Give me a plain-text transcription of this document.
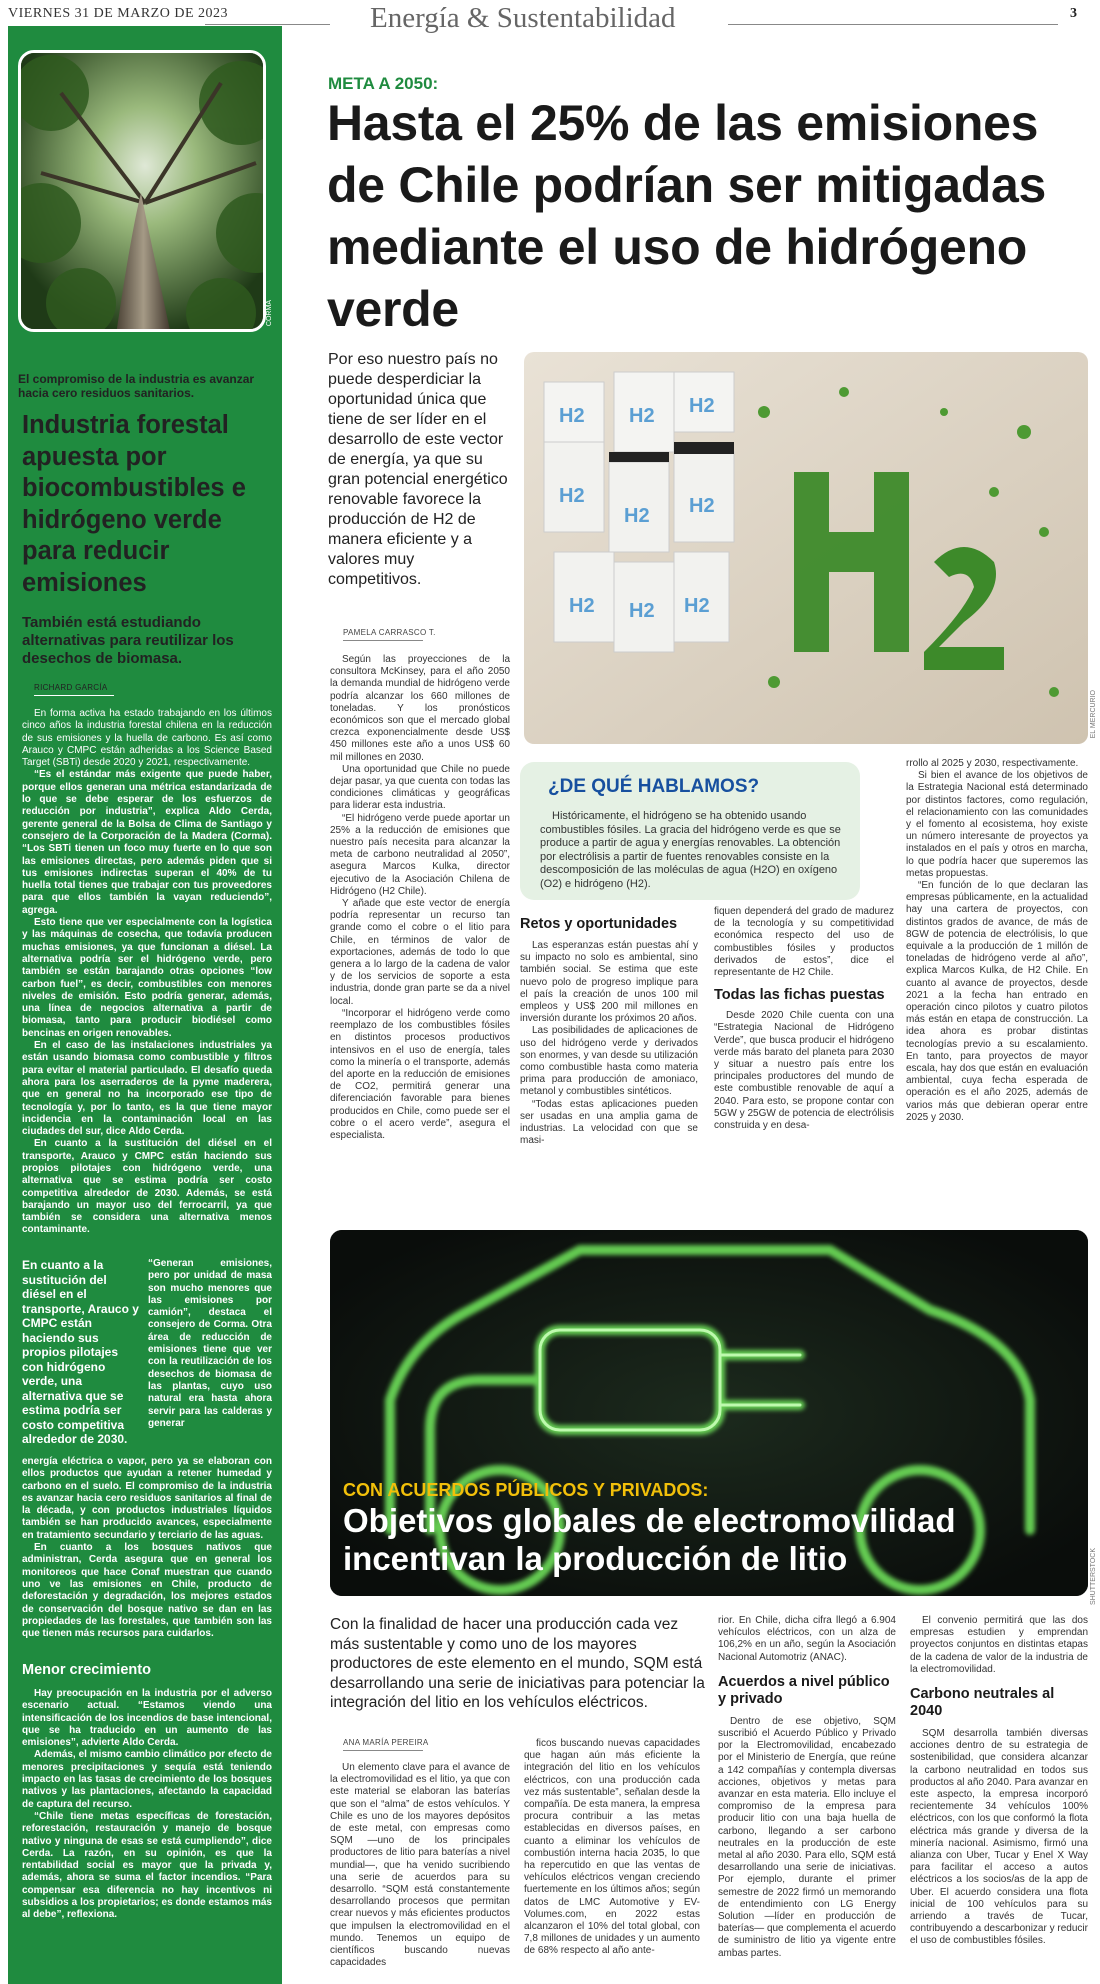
VIERNES 31 DE MARZO DE 2023	Energía & Sustentabilidad	3
CORMA
El compromiso de la industria es avanzar hacia cero residuos sanitarios.
Industria forestal apuesta por biocombustibles e hidrógeno verde para reducir emisiones
También está estudiando alternativas para reutilizar los desechos de biomasa.
RICHARD GARCÍA

En forma activa ha estado trabajando en los últimos cinco años la industria forestal chilena en la reducción de sus emisiones y la huella de carbono. Es así como Arauco y CMPC están adheridas a los Science Based Target (SBTi) desde 2020 y 2021, respectivamente.

“Es el estándar más exigente que puede haber, porque ellos generan una métrica estandarizada de lo que se debe esperar de los esfuerzos de reducción por industria”, explica Aldo Cerda, gerente general de la Bolsa de Clima de Santiago y consejero de la Corporación de la Madera (Corma). “Los SBTi tienen un foco muy fuerte en lo que son las emisiones directas, pero además piden que si tus emisiones indirectas superan el 40% de tu huella total tienes que trabajar con tus proveedores para que ellos también la vayan reduciendo”, agrega.

Esto tiene que ver especialmente con la logística y las máquinas de cosecha, que todavía producen muchas emisiones, ya que funcionan a diésel. La alternativa podría ser el hidrógeno verde, pero también se están barajando otras opciones “low carbon fuel”, es decir, combustibles con menores niveles de emisión. Esto podría generar, además, una línea de negocios alternativa a partir de biomasa, tanto para producir biodiésel como bencinas en origen renovables.

En el caso de las instalaciones industriales ya están usando biomasa como combustible y filtros para evitar el material particulado. El desafío queda ahora para los aserraderos de la pyme maderera, que en general no ha incorporado ese tipo de tecnología y, por lo tanto, es la que tiene mayor incidencia en la contaminación local en las ciudades del sur, dice Aldo Cerda.

En cuanto a la sustitución del diésel en el transporte, Arauco y CMPC están haciendo sus propios pilotajes con hidrógeno verde, una alternativa que se estima podría ser costo competitiva alrededor de 2030. Además, se está barajando un mayor uso del ferrocarril, ya que también se considera una alternativa menos contaminante.

En cuanto a la sustitución del diésel en el transporte, Arauco y CMPC están haciendo sus propios pilotajes con hidrógeno verde, una alternativa que se estima podría ser costo competitiva alrededor de 2030.
“Generan emisiones, pero por unidad de masa son mucho menores que las emisiones por camión”, destaca el consejero de Corma. Otra área de reducción de emisiones tiene que ver con la reutilización de los desechos de biomasa de las plantas, cuyo uso natural era hasta ahora servir para las calderas y generar

energía eléctrica o vapor, pero ya se elaboran con ellos productos que ayudan a retener humedad y carbono en el suelo. El compromiso de la industria es avanzar hacia cero residuos sanitarios al final de la década, y con productos industriales líquidos también se han producido avances, especialmente en tratamiento secundario y terciario de las aguas.

En cuanto a los bosques nativos que administran, Cerda asegura que en general los monitoreos que hace Conaf muestran que cuando uno ve las emisiones en Chile, producto de deforestación y degradación, los mejores estados de conservación del bosque nativo se dan en las propiedades de las forestales, que también son las que tienen más recursos para cuidarlos.

Menor crecimiento

Hay preocupación en la industria por el adverso escenario actual. “Estamos viendo una intensificación de los incendios de base intencional, que se ha traducido en un aumento de las emisiones”, advierte Aldo Cerda.

Además, el mismo cambio climático por efecto de menores precipitaciones y sequía está teniendo impacto en las tasas de crecimiento de los bosques nativos y las plantaciones, afectando la capacidad de captura del recurso.

“Chile tiene metas específicas de forestación, reforestación, restauración y manejo de bosque nativo y ninguna de esas se está cumpliendo”, dice Cerda. La razón, en su opinión, es que la rentabilidad social es mayor que la privada y, además, ahora se suma el factor incendios. “Para compensar esa diferencia no hay incentivos ni subsidios a los propietarios; es donde estamos más al debe”, reflexiona.

META A 2050:
Hasta el 25% de las emisiones de Chile podrían ser mitigadas mediante el uso de hidrógeno verde
Por eso nuestro país no puede desperdiciar la oportunidad única que tiene de ser líder en el desarrollo de este vector de energía, ya que su gran potencial energético renovable favorece la producción de H2 de manera eficiente y a valores muy competitivos.
H2 H2 H2
H2
H2 H2
H2 H2 H2
EL MERCURIO
PAMELA CARRASCO T.

Según las proyecciones de la consultora McKinsey, para el año 2050 la demanda mundial de hidrógeno verde podría alcanzar los 660 millones de toneladas. Y los pronósticos económicos son que el mercado global crezca exponencialmente desde US$ 450 millones este año a unos US$ 60 mil millones en 2030.

Una oportunidad que Chile no puede dejar pasar, ya que cuenta con todas las condiciones climáticas y geográficas para liderar esta industria.

“El hidrógeno verde puede aportar un 25% a la reducción de emisiones que nuestro país necesita para alcanzar la meta de carbono neutralidad al 2050”, asegura Marcos Kulka, director ejecutivo de la Asociación Chilena de Hidrógeno (H2 Chile).

Y añade que este vector de energía podría representar un recurso tan grande como el cobre o el litio para Chile, en términos de valor de exportaciones, además de todo lo que genera a lo largo de la cadena de valor y de los servicios de soporte a esta industria, donde gran parte se da a nivel local.

“Incorporar el hidrógeno verde como reemplazo de los combustibles fósiles en distintos procesos productivos intensivos en el uso de energía, tales como la minería o el transporte, además del aporte en la reducción de emisiones de CO2, permitirá generar una diferenciación favorable para bienes producidos en Chile, como puede ser el cobre o el acero verde”, asegura el especialista.

¿DE QUÉ HABLAMOS?
Históricamente, el hidrógeno se ha obtenido usando combustibles fósiles. La gracia del hidrógeno verde es que se produce a partir de agua y energías renovables. La obtención por electrólisis a partir de fuentes renovables consiste en la descomposición de las moléculas de agua (H2O) en oxígeno (O2) e hidrógeno (H2).
Retos y oportunidades

Las esperanzas están puestas ahí y su impacto no solo es ambiental, sino también social. Se estima que este nuevo polo de progreso implique para el país la creación de unos 100 mil empleos y US$ 200 mil millones en inversión durante los próximos 20 años.

Las posibilidades de aplicaciones de uso del hidrógeno verde y derivados son enormes, y van desde su utilización como combustible hasta como materia prima para producción de amoniaco, metanol y combustibles sintéticos.

“Todas estas aplicaciones pueden ser usadas en una amplia gama de industrias. La velocidad con que se masi-

fiquen dependerá del grado de madurez de la tecnología y su competitividad económica respecto del uso de combustibles fósiles y productos derivados de estos”, dice el representante de H2 Chile.

Todas las fichas puestas

Desde 2020 Chile cuenta con una “Estrategia Nacional de Hidrógeno Verde”, que busca producir el hidrógeno verde más barato del planeta para 2030 y situar a nuestro país entre los principales productores del mundo de este combustible renovable de aquí a 2040. Para esto, se propone contar con 5GW y 25GW de potencia de electrólisis construida y en desa-

rrollo al 2025 y 2030, respectivamente.

Si bien el avance de los objetivos de la Estrategia Nacional está determinado por distintos factores, como regulación, el relacionamiento con las comunidades y el fomento al ecosistema, hoy existe un número interesante de proyectos ya instalados en el país y otros en marcha, lo que podría hacer que superemos las metas propuestas.

“En función de lo que declaran las empresas públicamente, en la actualidad hay una cartera de proyectos, con distintos grados de avance, de más de 8GW de potencia de electrólisis, lo que equivale a la producción de 1 millón de toneladas de hidrógeno verde al año”, explica Marcos Kulka, de H2 Chile. En cuanto al avance de proyectos, desde 2021 a la fecha han entrado en operación cinco pilotos y cuatro pilotos más están en etapa de construcción. La idea ahora es probar distintas tecnologías previo a su escalamiento. En tanto, para proyectos de mayor escala, hay dos que están en evaluación ambiental, cuya fecha esperada de operación es el año 2025, además de varios más que debieran operar entre 2025 y 2030.

SHUTTERSTOCK
CON ACUERDOS PÚBLICOS Y PRIVADOS:
Objetivos globales de electromovilidad incentivan la producción de litio
Con la finalidad de hacer una producción cada vez más sustentable y como uno de los mayores productores de este elemento en el mundo, SQM está desarrollando una serie de iniciativas para potenciar la integración del litio en los vehículos eléctricos.
ANA MARÍA PEREIRA

Un elemento clave para el avance de la electromovilidad es el litio, ya que con este material se elaboran las baterías que son el “alma” de estos vehículos. Y Chile es uno de los mayores depósitos de este metal, con empresas como SQM —uno de los principales productores de litio para baterías a nivel mundial—, que ha venido sucribiendo una serie de acuerdos para su desarrollo. “SQM está constantemente desarrollando procesos que permitan crear nuevos y más eficientes productos que impulsen la electromovilidad en el mundo. Tenemos un equipo de científicos buscando nuevas capacidades

ficos buscando nuevas capacidades que hagan aún más eficiente la integración del litio en los vehículos eléctricos, con una producción cada vez más sustentable”, señalan desde la compañía. De esta manera, la empresa procura contribuir a las metas establecidas en diversos países, en cuanto a eliminar los vehículos de combustión interna hacia 2035, lo que ha repercutido en que las ventas de vehículos eléctricos vengan creciendo fuertemente en los últimos años; según datos de LMC Automotive y EV-Volumes.com, en 2022 estas alcanzaron el 10% del total global, con 7,8 millones de unidades y un aumento de 68% respecto al año ante-

rior. En Chile, dicha cifra llegó a 6.904 vehículos eléctricos, con un alza de 106,2% en un año, según la Asociación Nacional Automotriz (ANAC).

Acuerdos a nivel público y privado

Dentro de ese objetivo, SQM suscribió el Acuerdo Público y Privado por la Electromovilidad, encabezado por el Ministerio de Energía, que reúne a 142 compañías y contempla diversas acciones, objetivos y metas para avanzar en esta materia. Ello incluye el compromiso de la empresa para producir litio con una baja huella de carbono, llegando a ser carbono neutrales en la producción de este metal al año 2030. Para ello, SQM está desarrollando una serie de iniciativas. Por ejemplo, durante el primer semestre de 2022 firmó un memorando de entendimiento con LG Energy Solution —líder en producción de baterías— que complementa el acuerdo de suministro de litio ya vigente entre ambas partes.

El convenio permitirá que las dos empresas estudien y emprendan proyectos conjuntos en distintas etapas de la cadena de valor de la industria de la electromovilidad.

Carbono neutrales al 2040

SQM desarrolla también diversas acciones dentro de su estrategia de sostenibilidad, que considera alcanzar la carbono neutralidad en todos sus productos al año 2040. Para avanzar en este aspecto, la empresa incorporó recientemente 34 vehículos 100% eléctricos, con los que conformó la flota eléctrica más grande y diversa de la minería nacional. Asimismo, firmó una alianza con Uber, Tucar y Enel X Way para facilitar el acceso a autos eléctricos a los socios/as de la app de Uber. El acuerdo considera una flota inicial de 100 vehículos para su arriendo a través de Tucar, contribuyendo a descarbonizar y reducir el uso de combustibles fósiles.
